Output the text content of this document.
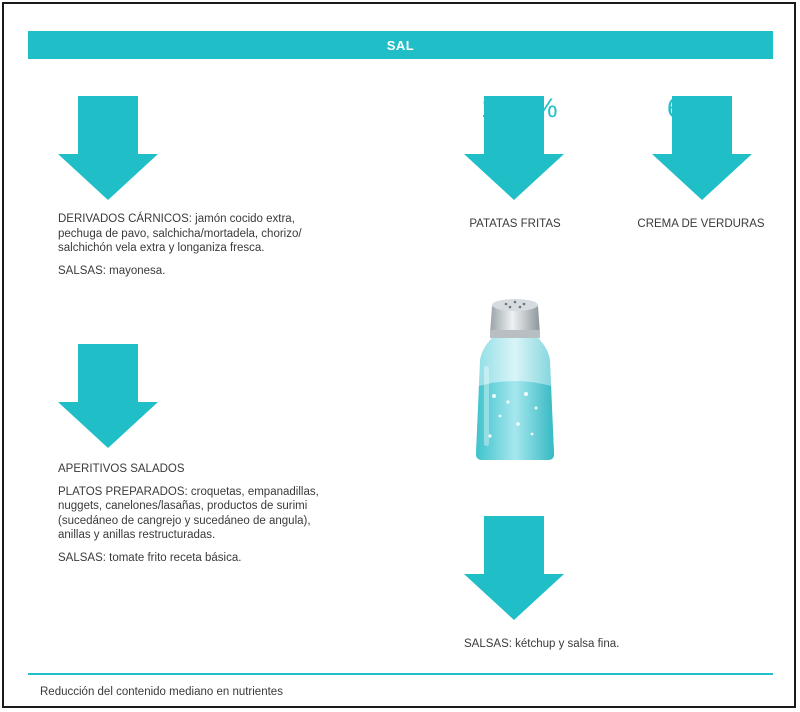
SAL
16%

DERIVADOS CÁRNICOS: jamón cocido extra,

pechuga de pavo, salchicha/mortadela, chorizo/

salchichón vela extra y longaniza fresca.

SALSAS: mayonesa.

13,8%
PATATAS FRITAS
6,7%
CREMA DE VERDURAS
10%

APERITIVOS SALADOS

PLATOS PREPARADOS: croquetas, empanadillas,

nuggets, canelones/lasañas, productos de surimi

(sucedáneo de cangrejo y sucedáneo de angula),

anillas y anillas restructuradas.

SALSAS: tomate frito receta básica.

5%
SALSAS: kétchup y salsa fina.
Reducción del contenido mediano en nutrientes
